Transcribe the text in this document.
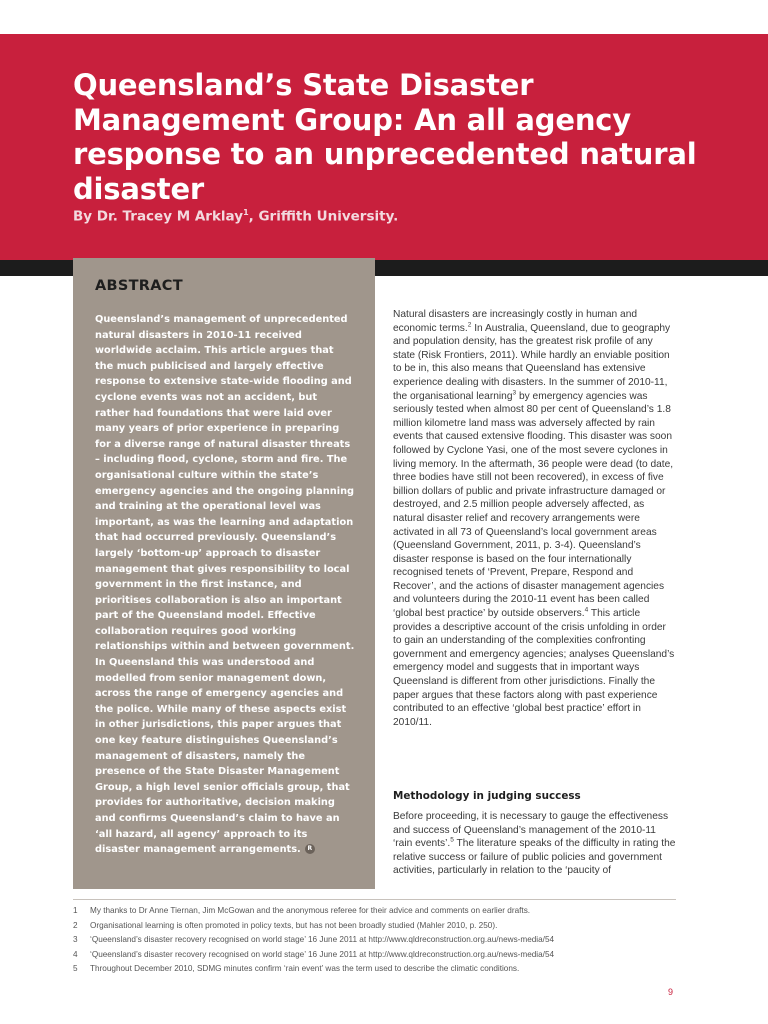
Queensland’s State Disaster Management Group: An all agency response to an unprecedented natural disaster

By Dr. Tracey M Arklay$^1$, Griffith University.

ABSTRACT

Queensland’s management of unprecedented natural disasters in 2010-11 received worldwide acclaim. This article argues that the much publicised and largely effective response to extensive state-wide flooding and cyclone events was not an accident, but rather had foundations that were laid over many years of prior experience in preparing for a diverse range of natural disaster threats – including flood, cyclone, storm and fire. The organisational culture within the state’s emergency agencies and the ongoing planning and training at the operational level was important, as was the learning and adaptation that had occurred previously. Queensland’s largely ‘bottom-up’ approach to disaster management that gives responsibility to local government in the first instance, and prioritises collaboration is also an important part of the Queensland model. Effective collaboration requires good working relationships within and between government. In Queensland this was understood and modelled from senior management down, across the range of emergency agencies and the police. While many of these aspects exist in other jurisdictions, this paper argues that one key feature distinguishes Queensland’s management of disasters, namely the presence of the State Disaster Management Group, a high level senior officials group, that provides for authoritative, decision making and confirms Queensland’s claim to have an ‘all hazard, all agency’ approach to its disaster management arrangements. R

Natural disasters are increasingly costly in human and economic terms.$^2$ In Australia, Queensland, due to geography and population density, has the greatest risk profile of any state (Risk Frontiers, 2011). While hardly an enviable position to be in, this also means that Queensland has extensive experience dealing with disasters. In the summer of 2010-11, the organisational learning$^3$ by emergency agencies was seriously tested when almost 80 per cent of Queensland’s 1.8 million kilometre land mass was adversely affected by rain events that caused extensive flooding. This disaster was soon followed by Cyclone Yasi, one of the most severe cyclones in living memory. In the aftermath, 36 people were dead (to date, three bodies have still not been recovered), in excess of five billion dollars of public and private infrastructure damaged or destroyed, and 2.5 million people adversely affected, as natural disaster relief and recovery arrangements were activated in all 73 of Queensland’s local government areas (Queensland Government, 2011, p. 3-4). Queensland’s disaster response is based on the four internationally recognised tenets of ‘Prevent, Prepare, Respond and Recover’, and the actions of disaster management agencies and volunteers during the 2010-11 event has been called ‘global best practice’ by outside observers.$^4$ This article provides a descriptive account of the crisis unfolding in order to gain an understanding of the complexities confronting government and emergency agencies; analyses Queensland’s emergency model and suggests that in important ways Queensland is different from other jurisdictions. Finally the paper argues that these factors along with past experience contributed to an effective ‘global best practice’ effort in 2010/11.

Methodology in judging success

Before proceeding, it is necessary to gauge the effectiveness and success of Queensland’s management of the 2010-11 ‘rain events’.$^5$ The literature speaks of the difficulty in rating the relative success or failure of public policies and government activities, particularly in relation to the ‘paucity of

1	My thanks to Dr Anne Tiernan, Jim McGowan and the anonymous referee for their advice and comments on earlier drafts.
2	Organisational learning is often promoted in policy texts, but has not been broadly studied (Mahler 2010, p. 250).
3	‘Queensland’s disaster recovery recognised on world stage’ 16 June 2011 at http://www.qldreconstruction.org.au/news-media/54
4	‘Queensland’s disaster recovery recognised on world stage’ 16 June 2011 at http://www.qldreconstruction.org.au/news-media/54
5	Throughout December 2010, SDMG minutes confirm ‘rain event’ was the term used to describe the climatic conditions.
9
